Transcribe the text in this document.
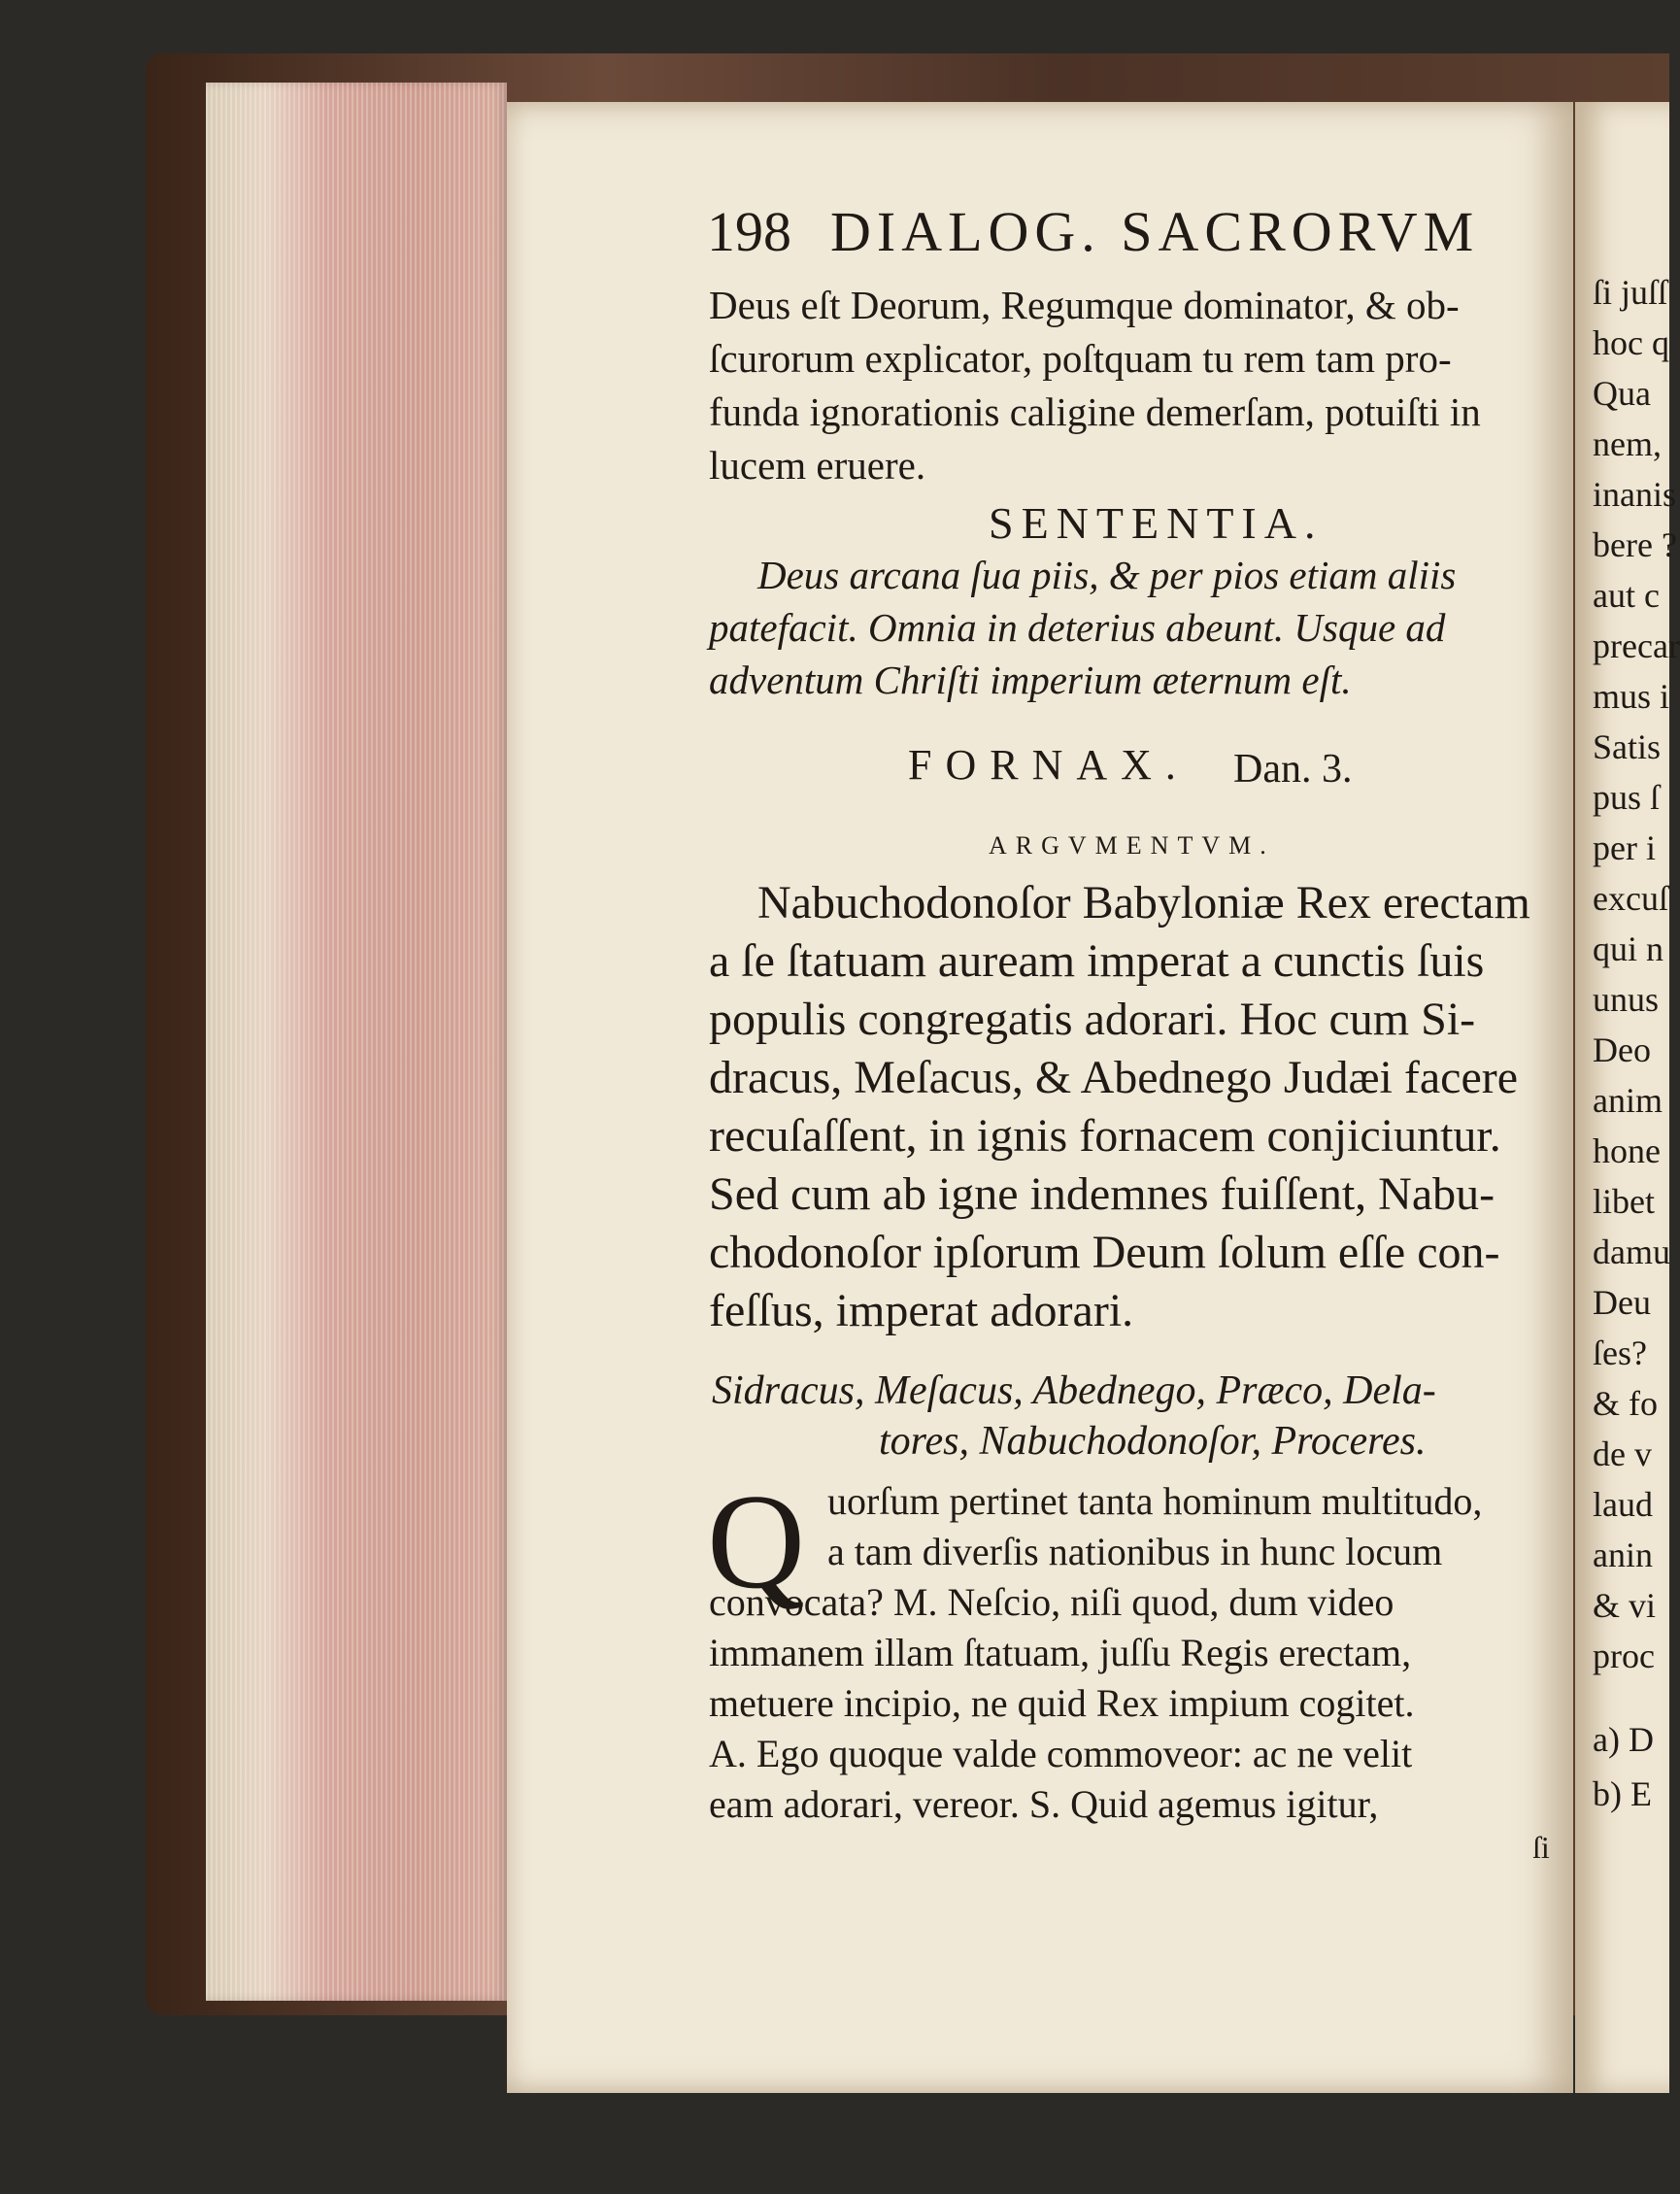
198 DIALOG. SACRORVM
Deus eſt Deorum, Regumque dominator, & ob-
ſcurorum explicator, poſtquam tu rem tam pro-
funda ignorationis caligine demerſam, potuiſti in
lucem eruere.
SENTENTIA.
Deus arcana ſua piis, & per pios etiam aliis
patefacit. Omnia in deterius abeunt. Usque ad
adventum Chriſti imperium æternum eſt.
FORNAX. Dan. 3.
ARGVMENTVM.
Nabuchodonoſor Babyloniæ Rex erectam
a ſe ſtatuam auream imperat a cunctis ſuis
populis congregatis adorari. Hoc cum Si-
dracus, Meſacus, & Abednego Judæi facere
recuſaſſent, in ignis fornacem conjiciuntur.
Sed cum ab igne indemnes fuiſſent, Nabu-
chodonoſor ipſorum Deum ſolum eſſe con-
feſſus, imperat adorari.
Sidracus, Meſacus, Abednego, Præco, Dela-
tores, Nabuchodonoſor, Proceres.
Q uorſum pertinet tanta hominum multitudo,
a tam diverſis nationibus in hunc locum
convocata? M. Neſcio, niſi quod, dum video
immanem illam ſtatuam, juſſu Regis erectam,
metuere incipio, ne quid Rex impium cogitet.
A. Ego quoque valde commoveor: ac ne velit
eam adorari, vereor. S. Quid agemus igitur,
ſi
ſi juſſ
hoc q
Qua
nem,
inanis
bere ?
aut c
precar
mus i
Satis
pus ſ
per i
excuſ
qui n
unus
Deo
anim
hone
libet
damu
Deu
ſes?
& fo
de v
laud
anin
& vi
proc
a) D
b) E
